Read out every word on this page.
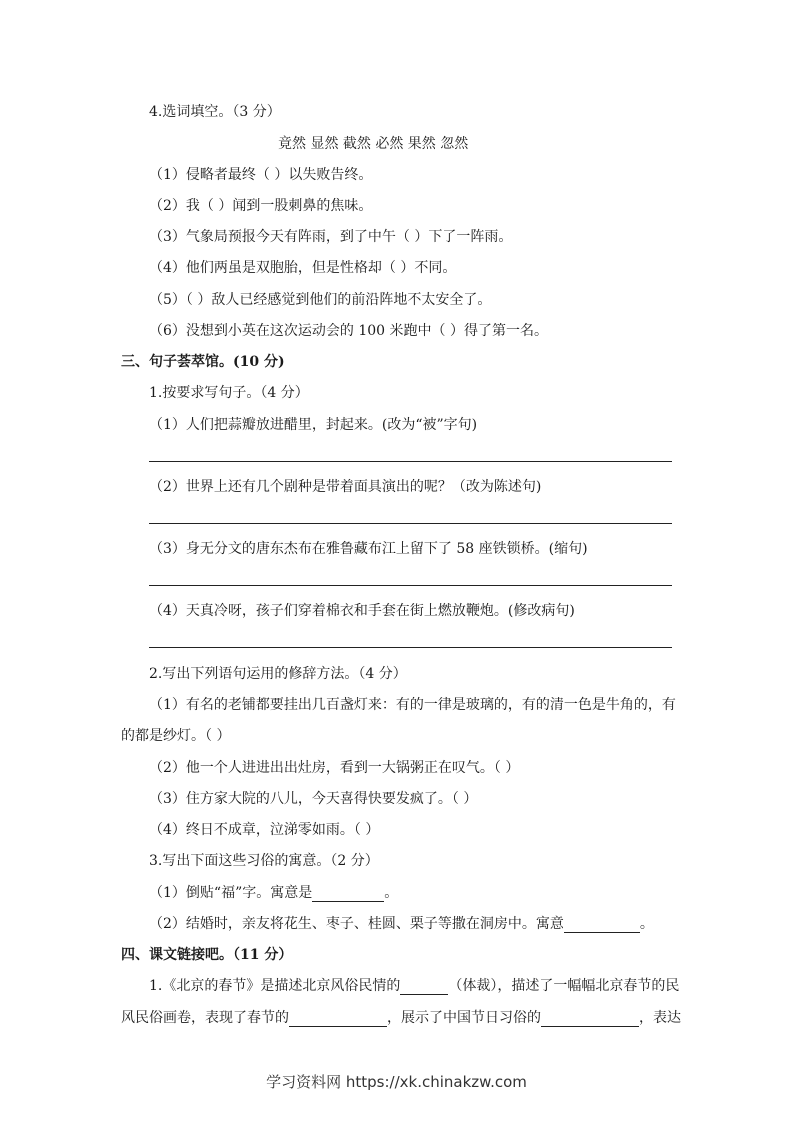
4.选词填空。（3 分）
竟然 显然 截然 必然 果然 忽然
（1）侵略者最终（ ）以失败告终。
（2）我（ ）闻到一股刺鼻的焦味。
（3）气象局预报今天有阵雨，到了中午（ ）下了一阵雨。
（4）他们两虽是双胞胎，但是性格却（ ）不同。
（5）（ ）敌人已经感觉到他们的前沿阵地不太安全了。
（6）没想到小英在这次运动会的 100 米跑中（ ）得了第一名。
三、句子荟萃馆。(10 分)
1.按要求写句子。（4 分）
（1）人们把蒜瓣放进醋里，封起来。(改为“被”字句)
（2）世界上还有几个剧种是带着面具演出的呢？（改为陈述句)
（3）身无分文的唐东杰布在雅鲁藏布江上留下了 58 座铁锁桥。(缩句)
（4）天真冷呀，孩子们穿着棉衣和手套在街上燃放鞭炮。(修改病句)
2.写出下列语句运用的修辞方法。（4 分）
（1）有名的老铺都要挂出几百盏灯来：有的一律是玻璃的，有的清一色是牛角的，有
的都是纱灯。（ ）
（2）他一个人进进出出灶房，看到一大锅粥正在叹气。（ ）
（3）住方家大院的八儿，今天喜得快要发疯了。（ ）
（4）终日不成章，泣涕零如雨。（ ）
3.写出下面这些习俗的寓意。（2 分）
（1）倒贴“福”字。寓意是	。
（2）结婚时，亲友将花生、枣子、桂圆、栗子等撒在洞房中。寓意	。
四、课文链接吧。（11 分）
1.《北京的春节》是描述北京风俗民情的	（体裁），描述了一幅幅北京春节的民
风民俗画卷，表现了春节的	，展示了中国节日习俗的	，表达
学习资料网 https://xk.chinakzw.com
